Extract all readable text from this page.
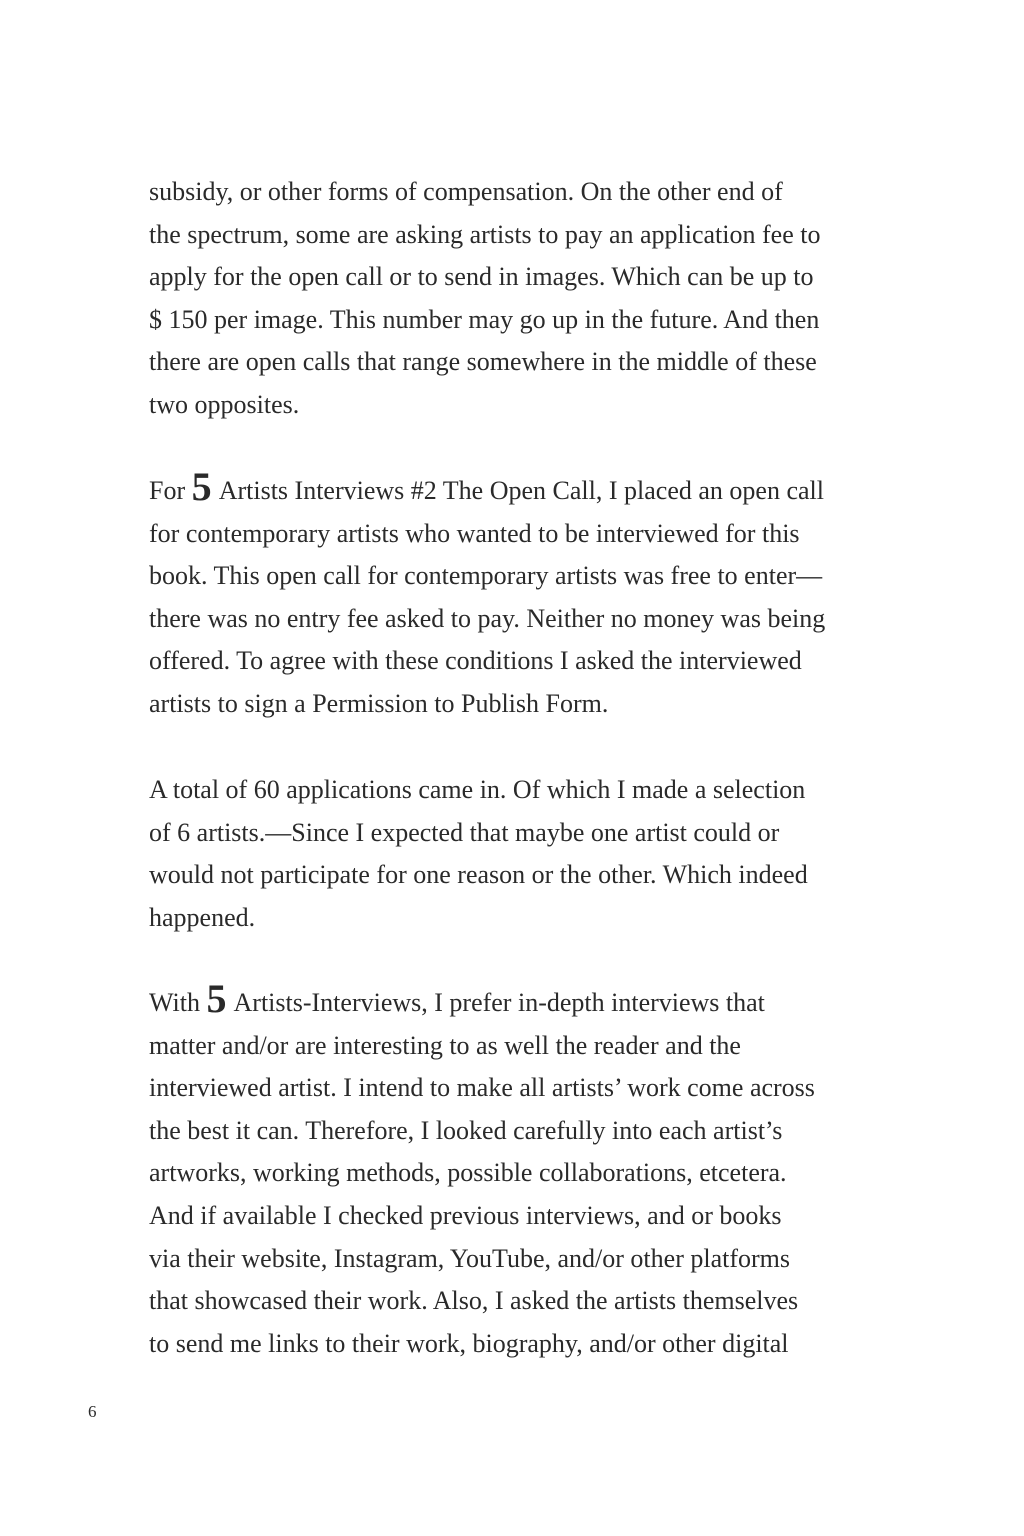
subsidy, or other forms of compensation. On the other end of
the spectrum, some are asking artists to pay an application fee to
apply for the open call or to send in images. Which can be up to
$ 150 per image. This number may go up in the future. And then
there are open calls that range somewhere in the middle of these
two opposites.
For 5 Artists Interviews #2 The Open Call, I placed an open call
for contemporary artists who wanted to be interviewed for this
book. This open call for contemporary artists was free to enter—
there was no entry fee asked to pay. Neither no money was being
offered. To agree with these conditions I asked the interviewed
artists to sign a Permission to Publish Form.
A total of 60 applications came in. Of which I made a selection
of 6 artists.—Since I expected that maybe one artist could or
would not participate for one reason or the other. Which indeed
happened.
With 5 Artists-Interviews, I prefer in-depth interviews that
matter and/or are interesting to as well the reader and the
interviewed artist. I intend to make all artists’ work come across
the best it can. Therefore, I looked carefully into each artist’s
artworks, working methods, possible collaborations, etcetera.
And if available I checked previous interviews, and or books
via their website, Instagram, YouTube, and/or other platforms
that showcased their work. Also, I asked the artists themselves
to send me links to their work, biography, and/or other digital
6
